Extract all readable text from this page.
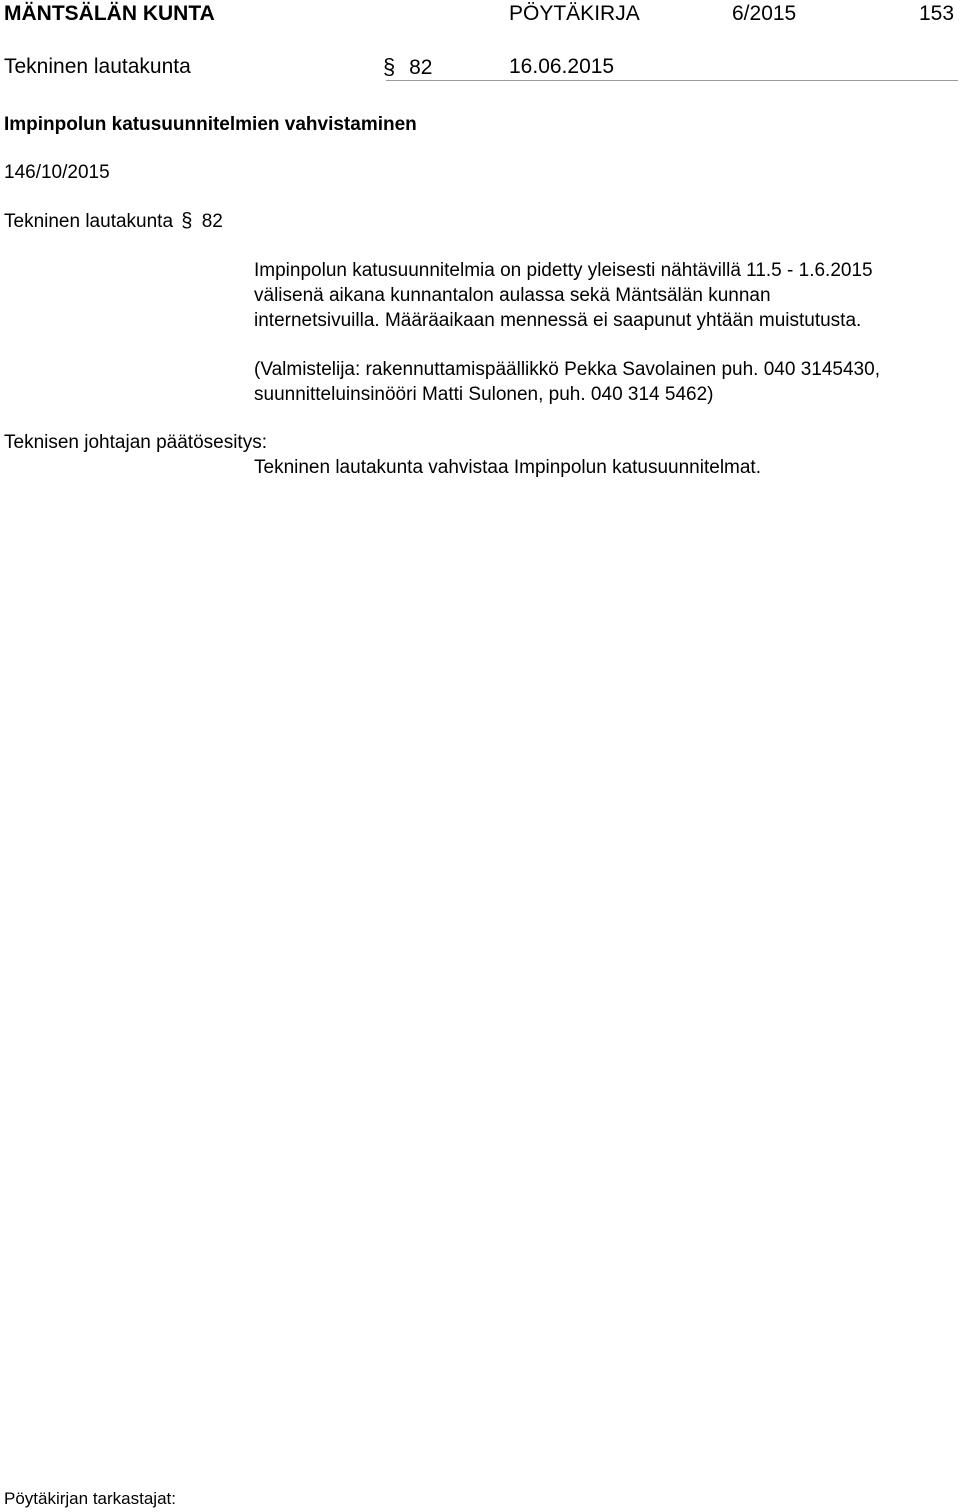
MÄNTSÄLÄN KUNTA	PÖYTÄKIRJA	6/2015	153
Tekninen lautakunta	§ 82	16.06.2015
Impinpolun katusuunnitelmien vahvistaminen
146/10/2015
Tekninen lautakunta § 82
Impinpolun katusuunnitelmia on pidetty yleisesti nähtävillä 11.5 - 1.6.2015
välisenä aikana kunnantalon aulassa sekä Mäntsälän kunnan
internetsivuilla. Määräaikaan mennessä ei saapunut yhtään muistutusta.
(Valmistelija: rakennuttamispäällikkö Pekka Savolainen puh. 040 3145430,
suunnitteluinsinööri Matti Sulonen, puh. 040 314 5462)
Teknisen johtajan päätösesitys:
Tekninen lautakunta vahvistaa Impinpolun katusuunnitelmat.
Pöytäkirjan tarkastajat:
